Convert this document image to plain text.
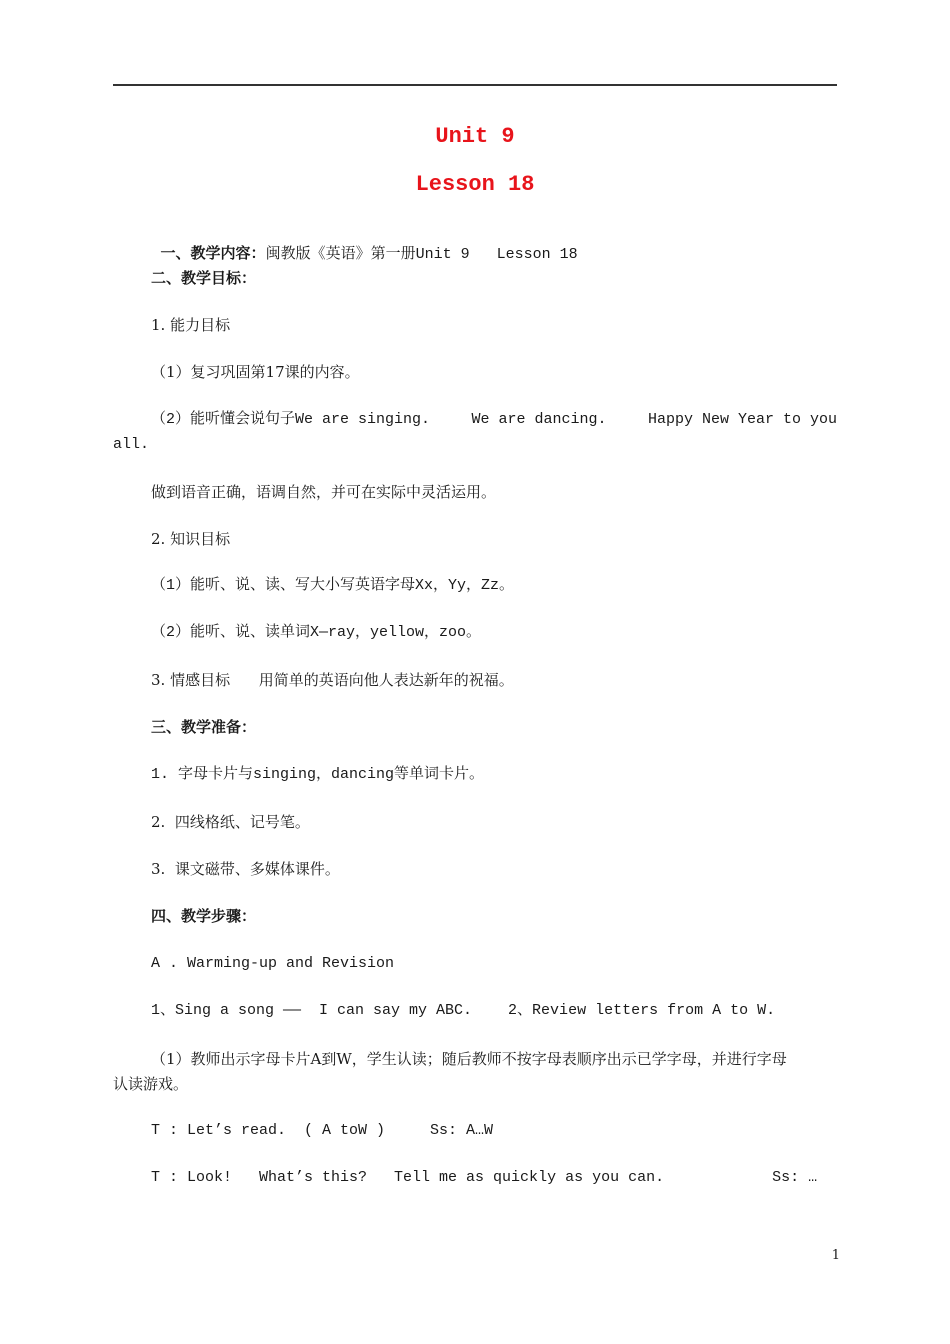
Unit 9
Lesson 18

一、教学内容：闽教版《英语》第一册Unit 9   Lesson 18

二、教学目标：
1. 能力目标
（1）复习巩固第17课的内容。
（2）能听懂会说句子We are singing.	We are dancing.	Happy New Year to you
all.
做到语音正确，语调自然，并可在实际中灵活运用。
2. 知识目标
（1）能听、说、读、写大小写英语字母Xx，Yy，Zz。
（2）能听、说、读单词X—ray，yellow，zoo。
3. 情感目标      用简单的英语向他人表达新年的祝福。
三、教学准备：
1. 字母卡片与singing，dancing等单词卡片。
2.  四线格纸、记号笔。
3.  课文磁带、多媒体课件。
四、教学步骤：
A . Warming-up and Revision
1、Sing a song ——  I can say my ABC.    2、Review letters from A to W.
（1）教师出示字母卡片A到W，学生认读；随后教师不按字母表顺序出示已学字母，并进行字母
认读游戏。
T : Let’s read.  ( A toW )     Ss: A…W
T : Look!   What’s this?   Tell me as quickly as you can.            Ss: …
1
